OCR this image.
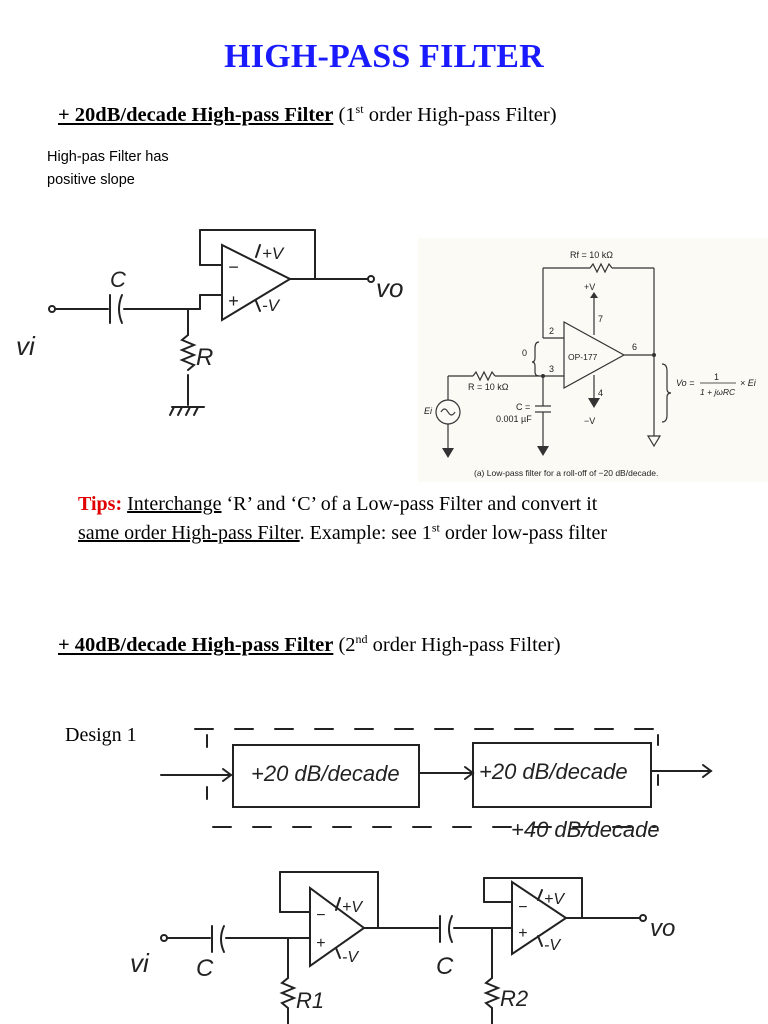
HIGH-PASS FILTER
+ 20dB/decade High-pass Filter (1st order High-pass Filter)
High-pas Filter has
positive slope
−
+
+V
-V
C
R
vi
vo
Rf = 10 kΩ
+V
−V
OP-177
2
3
7
4
6
0
R = 10 kΩ
C =
0.001 µF
Ei
Vo =
1
1 + jωRC
× Ei
(a) Low-pass filter for a roll-off of −20 dB/decade.
Tips: Interchange ‘R’ and ‘C’ of a Low-pass Filter and convert it
same order High-pass Filter. Example: see 1st order low-pass filter
+ 40dB/decade High-pass Filter (2nd order High-pass Filter)
Design 1
+20 dB/decade	+20 dB/decade
+40 dB/decade
−
+
+V
-V
−
+
+V
-V
vi C	C
R1	R2
vo
